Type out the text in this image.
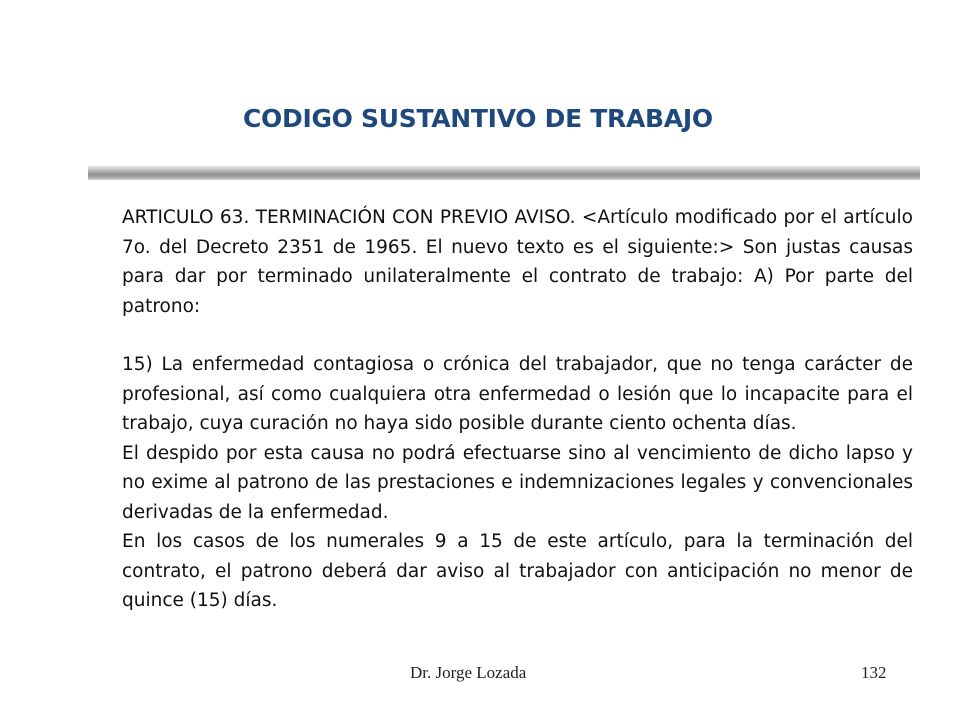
CODIGO SUSTANTIVO DE TRABAJO

ARTICULO 63. TERMINACIÓN CON PREVIO AVISO. <Artículo modificado por el artículo 7o. del Decreto 2351 de 1965. El nuevo texto es el siguiente:> Son justas causas para dar por terminado unilateralmente el contrato de trabajo: A) Por parte del patrono:

15) La enfermedad contagiosa o crónica del trabajador, que no tenga carácter de profesional, así como cualquiera otra enfermedad o lesión que lo incapacite para el trabajo, cuya curación no haya sido posible durante ciento ochenta días.

El despido por esta causa no podrá efectuarse sino al vencimiento de dicho lapso y no exime al patrono de las prestaciones e indemnizaciones legales y convencionales derivadas de la enfermedad.

En los casos de los numerales 9 a 15 de este artículo, para la terminación del contrato, el patrono deberá dar aviso al trabajador con anticipación no menor de quince (15) días.

Dr. Jorge Lozada	132
